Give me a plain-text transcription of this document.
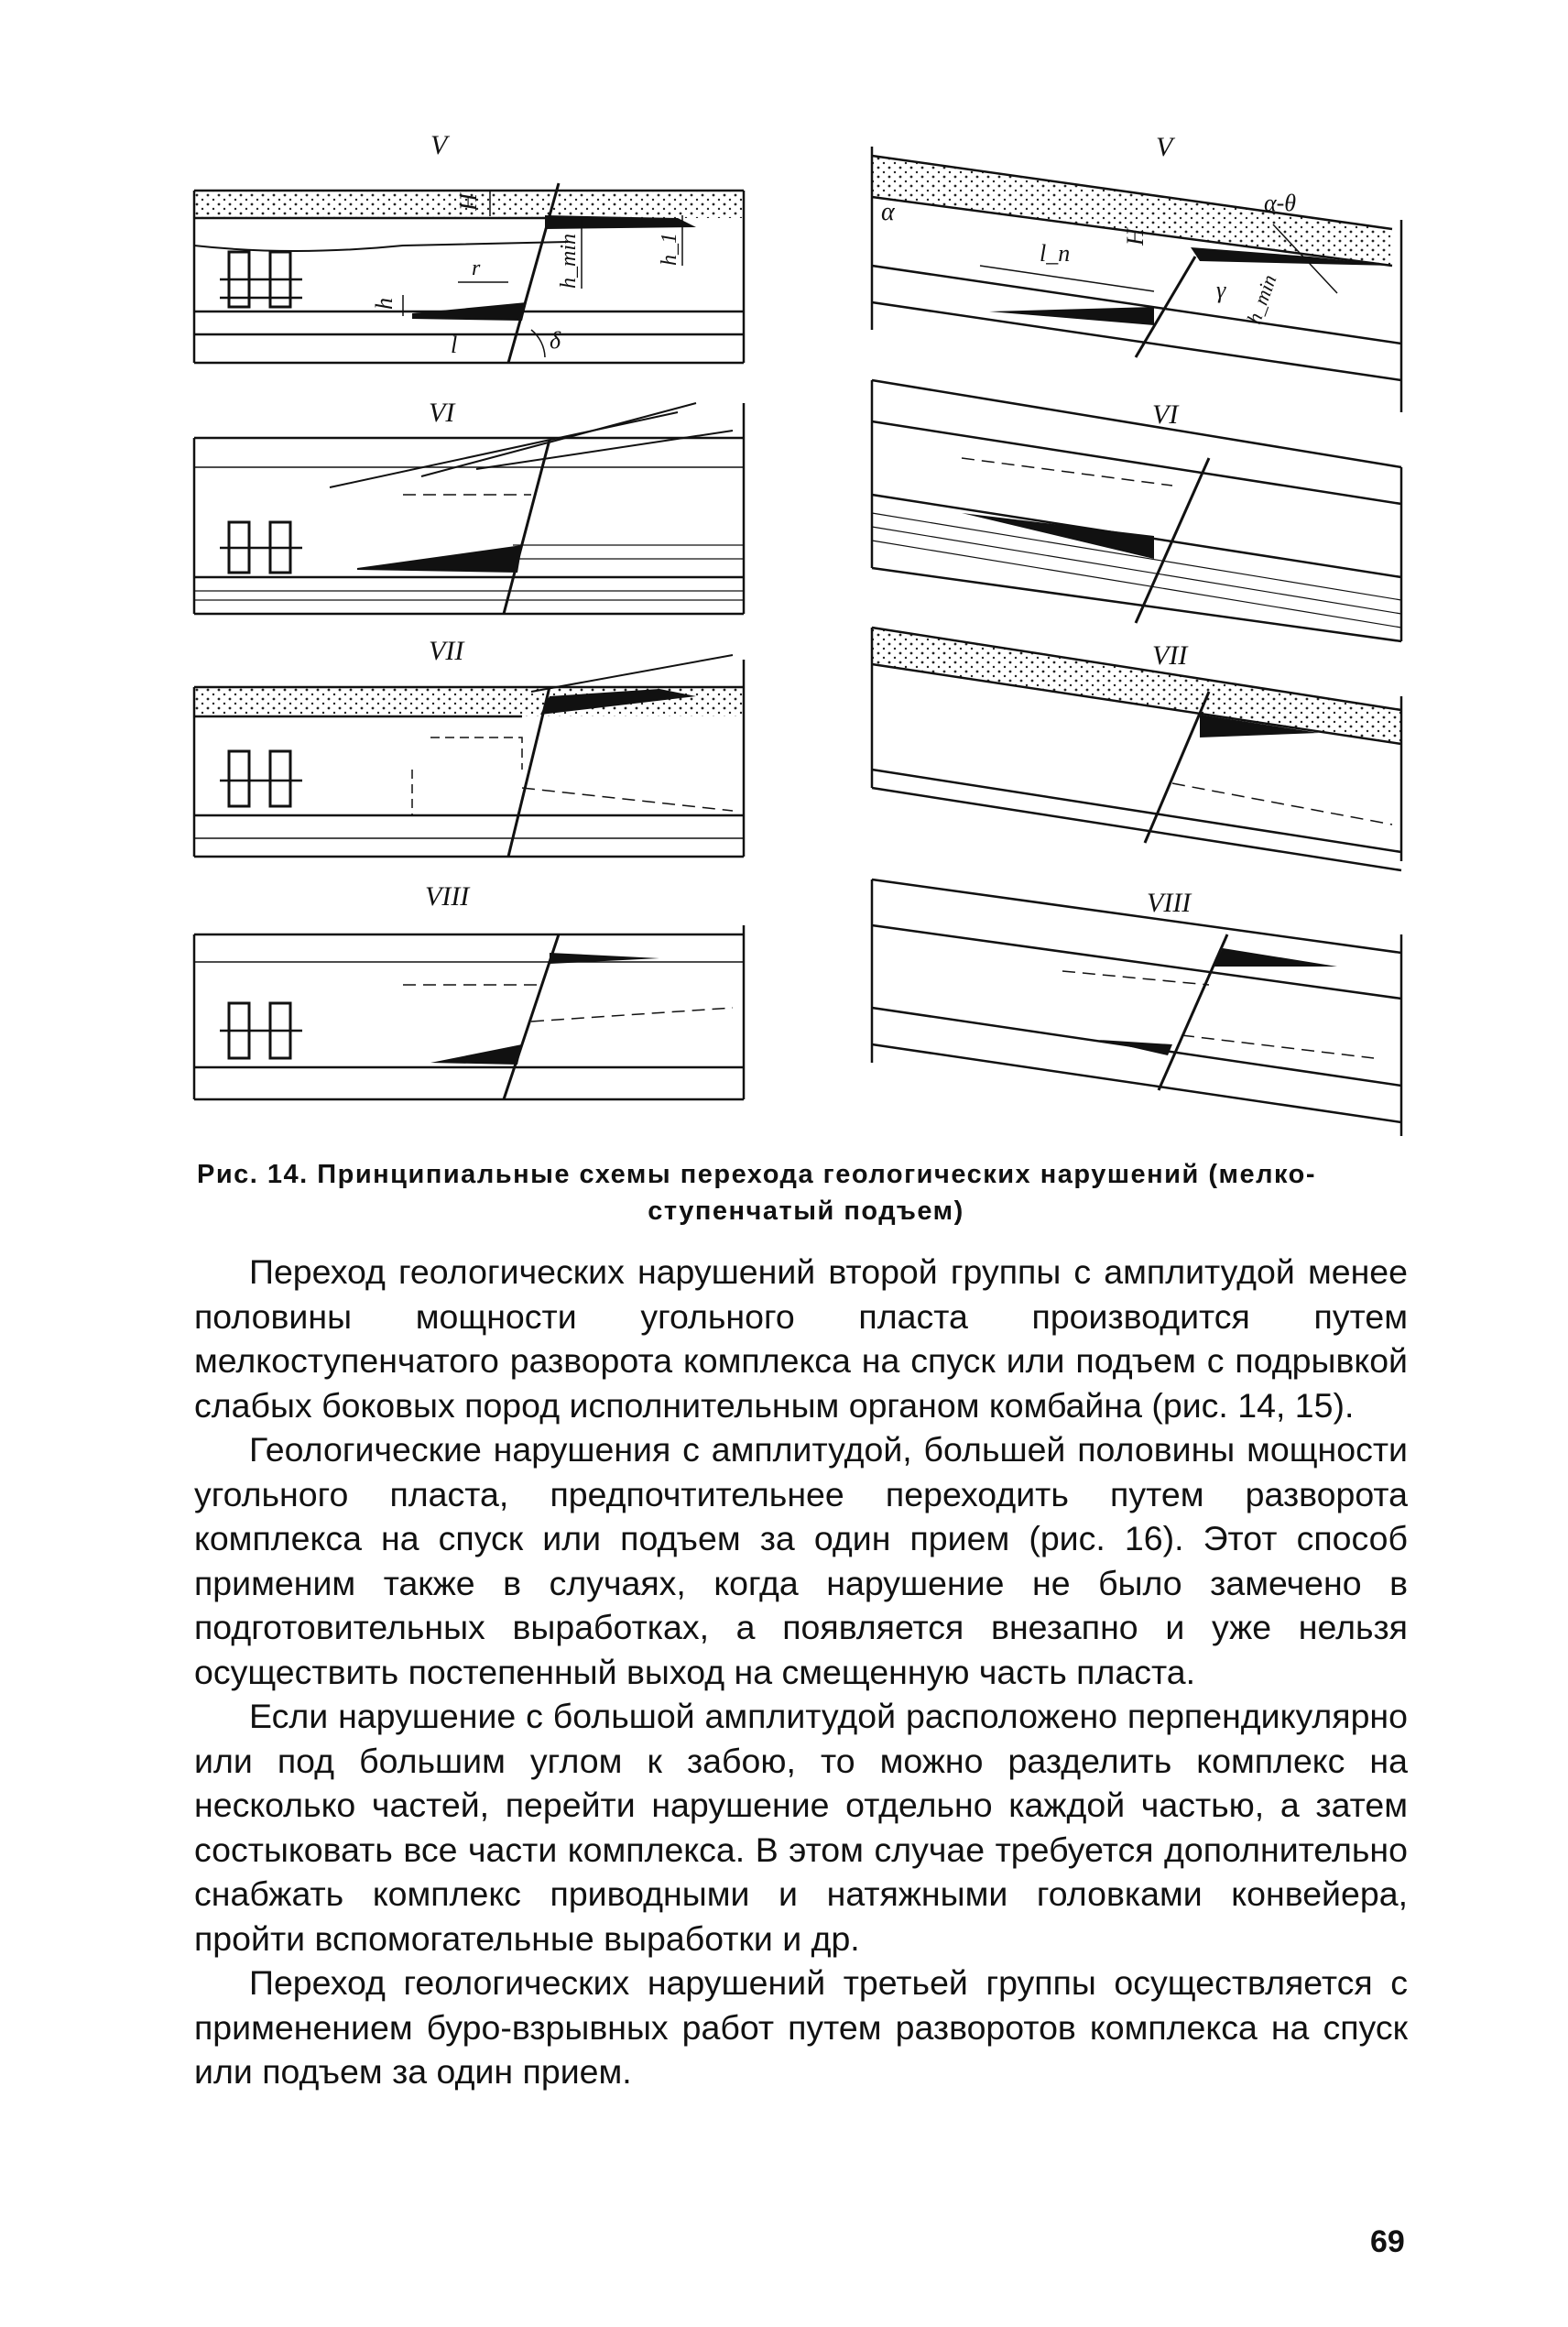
V
H
h
r	h_min	h_1
l	δ
VI
VII
VIII
V
α
H
l_n
α-θ
γ h_min
VI
VII
VIII
Рис. 14. Принципиальные схемы перехода геологических нарушений (мелко-
ступенчатый подъем)

Переход геологических нарушений второй группы с амплитудой менее половины мощности угольного пласта производится путем мелкоступенчатого разворота комплекса на спуск или подъем с подрывкой слабых боковых пород исполнительным органом комбайна (рис. 14, 15).

Геологические нарушения с амплитудой, большей половины мощности угольного пласта, предпочтительнее переходить путем разворота комплекса на спуск или подъем за один прием (рис. 16). Этот способ применим также в случаях, когда нарушение не было замечено в подготовительных выработках, а появляется внезапно и уже нельзя осуществить постепенный выход на смещенную часть пласта.

Если нарушение с большой амплитудой расположено перпендикулярно или под большим углом к забою, то можно разделить комплекс на несколько частей, перейти нарушение отдельно каждой частью, а затем состыковать все части комплекса. В этом случае требуется дополнительно снабжать комплекс приводными и натяжными головками конвейера, пройти вспомогательные выработки и др.

Переход геологических нарушений третьей группы осуществляется с применением буро-взрывных работ путем разворотов комплекса на спуск или подъем за один прием.

69
